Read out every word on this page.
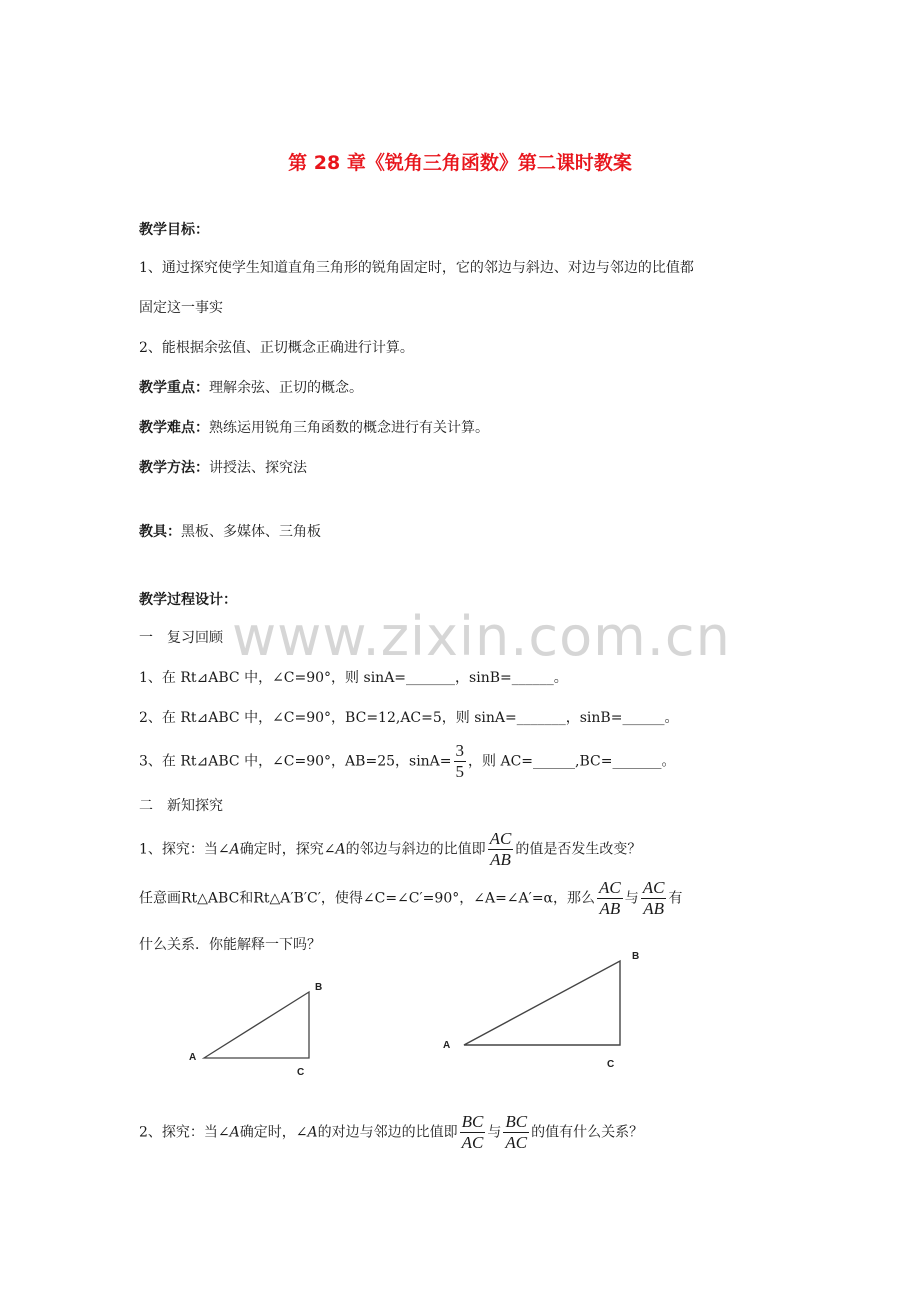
www.zixin.com.cn
第 28 章《锐角三角函数》第二课时教案
教学目标：
1、通过探究使学生知道直角三角形的锐角固定时，它的邻边与斜边、对边与邻边的比值都
固定这一事实
2、能根据余弦值、正切概念正确进行计算。
教学重点：理解余弦、正切的概念。
教学难点：熟练运用锐角三角函数的概念进行有关计算。
教学方法：讲授法、探究法
教具：黑板、多媒体、三角板
教学过程设计：
一　复习回顾
1、在 Rt⊿ABC 中，∠C=90°，则 sinA=_______，sinB=______。
2、在 Rt⊿ABC 中，∠C=90°，BC=12,AC=5，则 sinA=_______，sinB=______。
3、在 Rt⊿ABC 中，∠C=90°，AB=25，$\sin A= \frac{3}{5}$ ，则 AC=______,BC=_______。
二　新知探究
1、探究：当∠A确定时，探究∠A的邻边与斜边的比值即 $\frac{AC}{AB}$ 的值是否发生改变？
任意画Rt△ABC和Rt△A′B′C′，使得∠C=∠C′=90°，∠A=∠A′=α，那么 $\frac{AC}{AB}$ 与 $\frac{AC}{AB}$ 有
什么关系．你能解释一下吗？
A
B
C
A
B
C
2、探究：当∠A确定时，∠A的对边与邻边的比值即 $\frac{BC}{AC}$ 与 $\frac{BC}{AC}$ 的值有什么关系？
